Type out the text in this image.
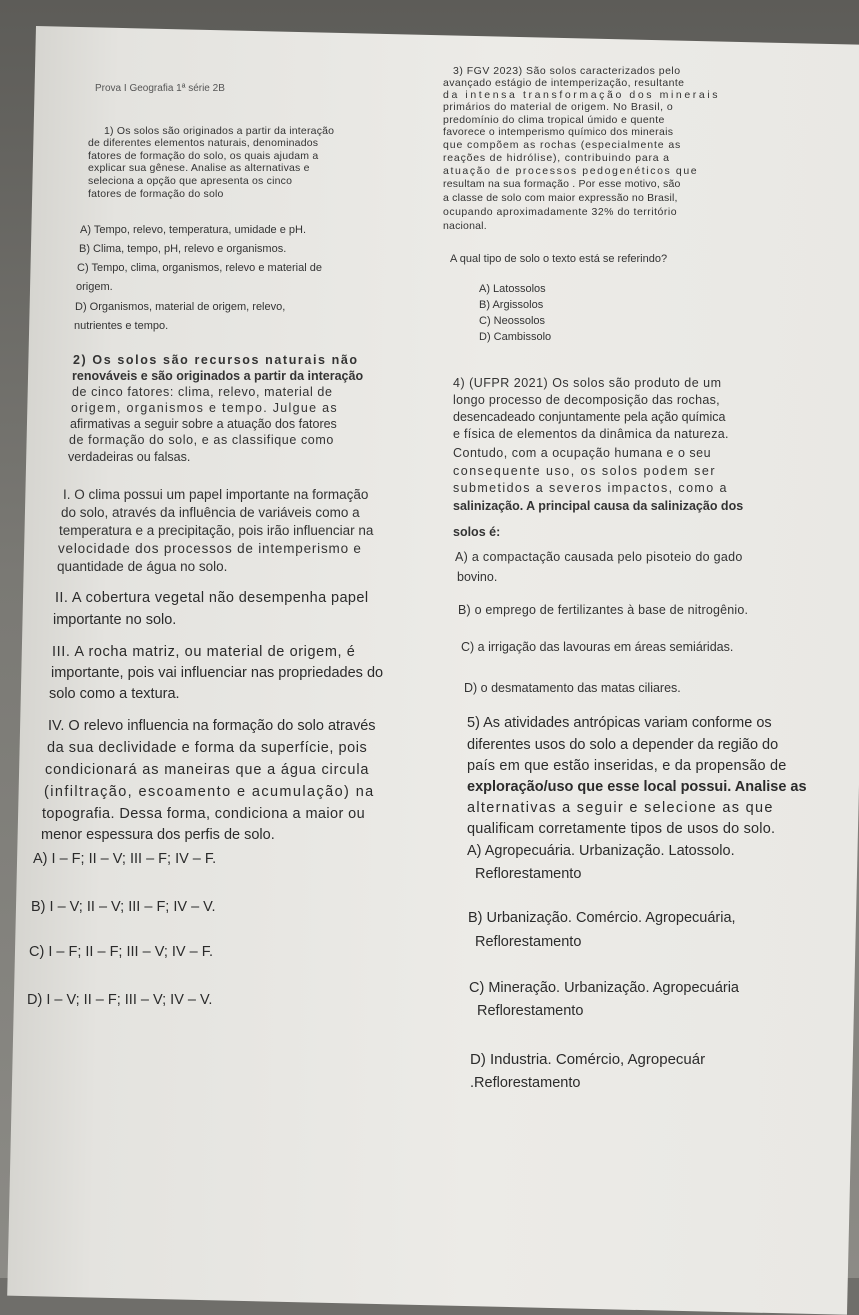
Prova I Geografia 1ª série 2B

1) Os solos são originados a partir da interação

de diferentes elementos naturais, denominados

fatores de formação do solo, os quais ajudam a

explicar sua gênese. Analise as alternativas e

seleciona a opção que apresenta os cinco

fatores de formação do solo

A) Tempo, relevo, temperatura, umidade e pH.

B) Clima, tempo, pH, relevo e organismos.

C) Tempo, clima, organismos, relevo e material de

origem.

D) Organismos, material de origem, relevo,

nutrientes e tempo.

2) Os solos são recursos naturais não

renováveis e são originados a partir da interação

de cinco fatores: clima, relevo, material de

origem, organismos e tempo. Julgue as

afirmativas a seguir sobre a atuação dos fatores

de formação do solo, e as classifique como

verdadeiras ou falsas.

I. O clima possui um papel importante na formação

do solo, através da influência de variáveis como a

temperatura e a precipitação, pois irão influenciar na

velocidade dos processos de intemperismo e

quantidade de água no solo.

II. A cobertura vegetal não desempenha papel

importante no solo.

III. A rocha matriz, ou material de origem, é

importante, pois vai influenciar nas propriedades do

solo como a textura.

IV. O relevo influencia na formação do solo através

da sua declividade e forma da superfície, pois

condicionará as maneiras que a água circula

(infiltração, escoamento e acumulação) na

topografia. Dessa forma, condiciona a maior ou

menor espessura dos perfis de solo.

A) I – F; II – V; III – F; IV – F.

B) I – V; II – V; III – F; IV – V.

C) I – F; II – F; III – V; IV – F.

D) I – V; II – F; III – V; IV – V.

3) FGV 2023) São solos caracterizados pelo

avançado estágio de intemperização, resultante

da intensa transformação dos minerais

primários do material de origem. No Brasil, o

predomínio do clima tropical úmido e quente

favorece o intemperismo químico dos minerais

que compõem as rochas (especialmente as

reações de hidrólise), contribuindo para a

atuação de processos pedogenéticos que

resultam na sua formação . Por esse motivo, são

a classe de solo com maior expressão no Brasil,

ocupando aproximadamente 32% do território

nacional.

A qual tipo de solo o texto está se referindo?

A) Latossolos

B) Argissolos

C) Neossolos

D) Cambissolo

4) (UFPR 2021) Os solos são produto de um

longo processo de decomposição das rochas,

desencadeado conjuntamente pela ação química

e física de elementos da dinâmica da natureza.

Contudo, com a ocupação humana e o seu

consequente uso, os solos podem ser

submetidos a severos impactos, como a

salinização. A principal causa da salinização dos

solos é:

A) a compactação causada pelo pisoteio do gado

bovino.

B) o emprego de fertilizantes à base de nitrogênio.

C) a irrigação das lavouras em áreas semiáridas.

D) o desmatamento das matas ciliares.

5) As atividades antrópicas variam conforme os

diferentes usos do solo a depender da região do

país em que estão inseridas, e da propensão de

exploração/uso que esse local possui. Analise as

alternativas a seguir e selecione as que

qualificam corretamente tipos de usos do solo.

A) Agropecuária. Urbanização. Latossolo.

Reflorestamento

B) Urbanização. Comércio. Agropecuária,

Reflorestamento

C) Mineração. Urbanização. Agropecuária

Reflorestamento

D) Industria. Comércio, Agropecuár

.Reflorestamento
